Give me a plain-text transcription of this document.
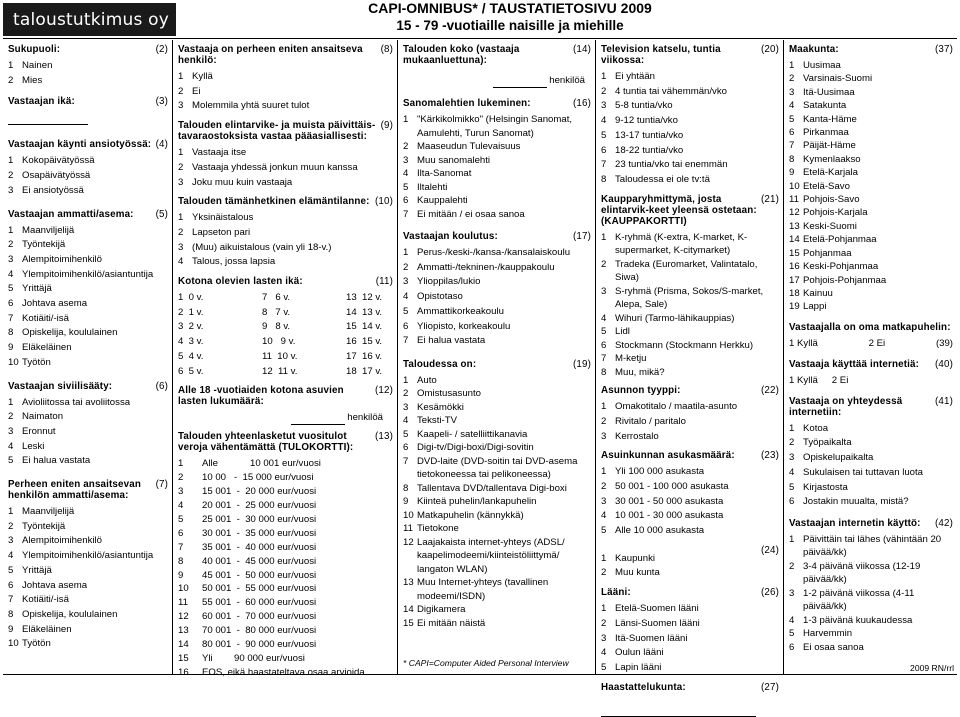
taloustutkimus oy
CAPI-OMNIBUS* / TAUSTATIETOSIVU 2009
15 - 79 -vuotiaille naisille ja miehille
Sukupuoli:	(2)
1 Nainen
2 Mies
Vastaajan ikä:	(3)
Vastaajan käynti ansiotyössä: (4)
1 Kokopäivätyössä
2 Osapäivätyössä
3 Ei ansiotyössä
Vastaajan ammatti/asema:	(5)
1 Maanviljelijä
2 Työntekijä
3 Alempitoimihenkilö
4 Ylempitoimihenkilö/asiantuntija
5 Yrittäjä
6 Johtava asema
7 Kotiäiti/-isä
8 Opiskelija, koululainen
9 Eläkeläinen
10 Työtön
Vastaajan siviilisääty:	(6)
1 Avioliitossa tai avoliitossa
2 Naimaton
3 Eronnut
4 Leski
5 Ei halua vastata
Perheen eniten ansaitsevan henkilön ammatti/asema:
(7)
1 Maanviljelijä
2 Työntekijä
3 Alempitoimihenkilö
4 Ylempitoimihenkilö/asiantuntija
5 Yrittäjä
6 Johtava asema
7 Kotiäiti/-isä
8 Opiskelija, koululainen
9 Eläkeläinen
10 Työtön
Vastaaja on perheen eniten ansaitseva henkilö:
(8)
1 Kyllä
2 Ei
3 Molemmila yhtä suuret tulot
Talouden elintarvike- ja muista päivittäis-tavaraostoksista vastaa pääasiallisesti:
(9)
1 Vastaaja itse
2 Vastaaja yhdessä jonkun muun kanssa
3 Joku muu kuin vastaaja
Talouden tämänhetkinen elämäntilanne: (10)
1 Yksinäistalous
2 Lapseton pari
3 (Muu) aikuistalous (vain yli 18-v.)
4 Talous, jossa lapsia
Kotona olevien lasten ikä:	(11)
1  0 v.	7   6 v.	13  12 v.
2  1 v.	8   7 v.	14  13 v.
3  2 v.	9   8 v.	15  14 v.
4  3 v.	10   9 v.	16  15 v.
5  4 v.	11  10 v.	17  16 v.
6  5 v.	12  11 v.	18  17 v.
Alle 18 -vuotiaiden kotona asuvien lasten lukumäärä:
(12)
henkilöä
Talouden yhteenlasketut vuositulot veroja vähentämättä (TULOKORTTI):
(13)
1	Alle            10 001 eur/vuosi
2	10 00   -  15 000 eur/vuosi
3	15 001  -  20 000 eur/vuosi
4	20 001  -  25 000 eur/vuosi
5	25 001  -  30 000 eur/vuosi
6	30 001  -  35 000 eur/vuosi
7	35 001  -  40 000 eur/vuosi
8	40 001  -  45 000 eur/vuosi
9	45 001  -  50 000 eur/vuosi
10	50 001  -  55 000 eur/vuosi
11	55 001  -  60 000 eur/vuosi
12	60 001  -  70 000 eur/vuosi
13	70 001  -  80 000 eur/vuosi
14	80 001  -  90 000 eur/vuosi
15	Yli        90 000 eur/vuosi
16	EOS, eikä haastateltava osaa arvioida
Talouden koko (vastaaja mukaanluettuna):
(14)
henkilöä
Sanomalehtien lukeminen:	(16)
1 "Kärkikolmikko" (Helsingin Sanomat, Aamulehti, Turun Sanomat)
2 Maaseudun Tulevaisuus
3 Muu sanomalehti
4 Ilta-Sanomat
5 Iltalehti
6 Kauppalehti
7 Ei mitään / ei osaa sanoa
Vastaajan koulutus:	(17)
1 Perus-/keski-/kansa-/kansalaiskoulu
2 Ammatti-/tekninen-/kauppakoulu
3 Ylioppilas/lukio
4 Opistotaso
5 Ammattikorkeakoulu
6 Yliopisto, korkeakoulu
7 Ei halua vastata
Taloudessa on:	(19)
1 Auto
2 Omistusasunto
3 Kesämökki
4 Teksti-TV
5 Kaapeli- / satelliittikanavia
6 Digi-tv/Digi-boxi/Digi-sovitin
7 DVD-laite (DVD-soitin tai DVD-asema tietokoneessa tai pelikoneessa)
8 Tallentava DVD/tallentava Digi-boxi
9 Kiinteä puhelin/lankapuhelin
10 Matkapuhelin (kännykkä)
11 Tietokone
12 Laajakaista internet-yhteys (ADSL/ kaapelimodeemi/kiinteistöliittymä/ langaton WLAN)
13 Muu Internet-yhteys (tavallinen modeemi/ISDN)
14 Digikamera
15 Ei mitään näistä
* CAPI=Computer Aided Personal Interview
Television katselu, tuntia viikossa:
(20)
1 Ei yhtään
2 4 tuntia tai vähemmän/vko
3 5-8 tuntia/vko
4 9-12 tuntia/vko
5 13-17 tuntia/vko
6 18-22 tuntia/vko
7 23 tuntia/vko tai enemmän
8 Taloudessa ei ole tv:tä
Kaupparyhmittymä, josta elintarvik-keet yleensä ostetaan: (KAUPPAKORTTI)
(21)
1 K-ryhmä (K-extra, K-market, K-supermarket, K-citymarket)
2 Tradeka (Euromarket, Valintatalo, Siwa)
3 S-ryhmä (Prisma, Sokos/S-market, Alepa, Sale)
4 Wihuri (Tarmo-lähikauppias)
5 Lidl
6 Stockmann (Stockmann Herkku)
7 M-ketju
8 Muu, mikä?
Asunnon tyyppi:	(22)
1 Omakotitalo / maatila-asunto
2 Rivitalo / paritalo
3 Kerrostalo
Asuinkunnan asukasmäärä:	(23)
1 Yli 100 000 asukasta
2 50 001 - 100 000 asukasta
3 30 001 - 50 000 asukasta
4 10 001 - 30 000 asukasta
5 Alle 10 000 asukasta
(24)
1 Kaupunki
2 Muu kunta
Lääni:	(26)
1 Etelä-Suomen lääni
2 Länsi-Suomen lääni
3 Itä-Suomen lääni
4 Oulun lääni
5 Lapin lääni
Haastattelukunta:	(27)
Maakunta:	(37)
1 Uusimaa
2 Varsinais-Suomi
3 Itä-Uusimaa
4 Satakunta
5 Kanta-Häme
6 Pirkanmaa
7 Päijät-Häme
8 Kymenlaakso
9 Etelä-Karjala
10 Etelä-Savo
11 Pohjois-Savo
12 Pohjois-Karjala
13 Keski-Suomi
14 Etelä-Pohjanmaa
15 Pohjanmaa
16 Keski-Pohjanmaa
17 Pohjois-Pohjanmaa
18 Kainuu
19 Lappi
Vastaajalla on oma matkapuhelin:
1 Kyllä	2 Ei	(39)
Vastaaja käyttää internetiä:	(40)
1 Kyllä 2 Ei
Vastaaja on yhteydessä internetiin:
(41)
1 Kotoa
2 Työpaikalta
3 Opiskelupaikalta
4 Sukulaisen tai tuttavan luota
5 Kirjastosta
6 Jostakin muualta, mistä?
Vastaajan internetin käyttö:	(42)
1 Päivittäin tai lähes (vähintään 20 päivää/kk)
2 3-4 päivänä viikossa (12-19 päivää/kk)
3 1-2 päivänä viikossa (4-11 päivää/kk)
4 1-3 päivänä kuukaudessa
5 Harvemmin
6 Ei osaa sanoa
2009 RN/rrl
